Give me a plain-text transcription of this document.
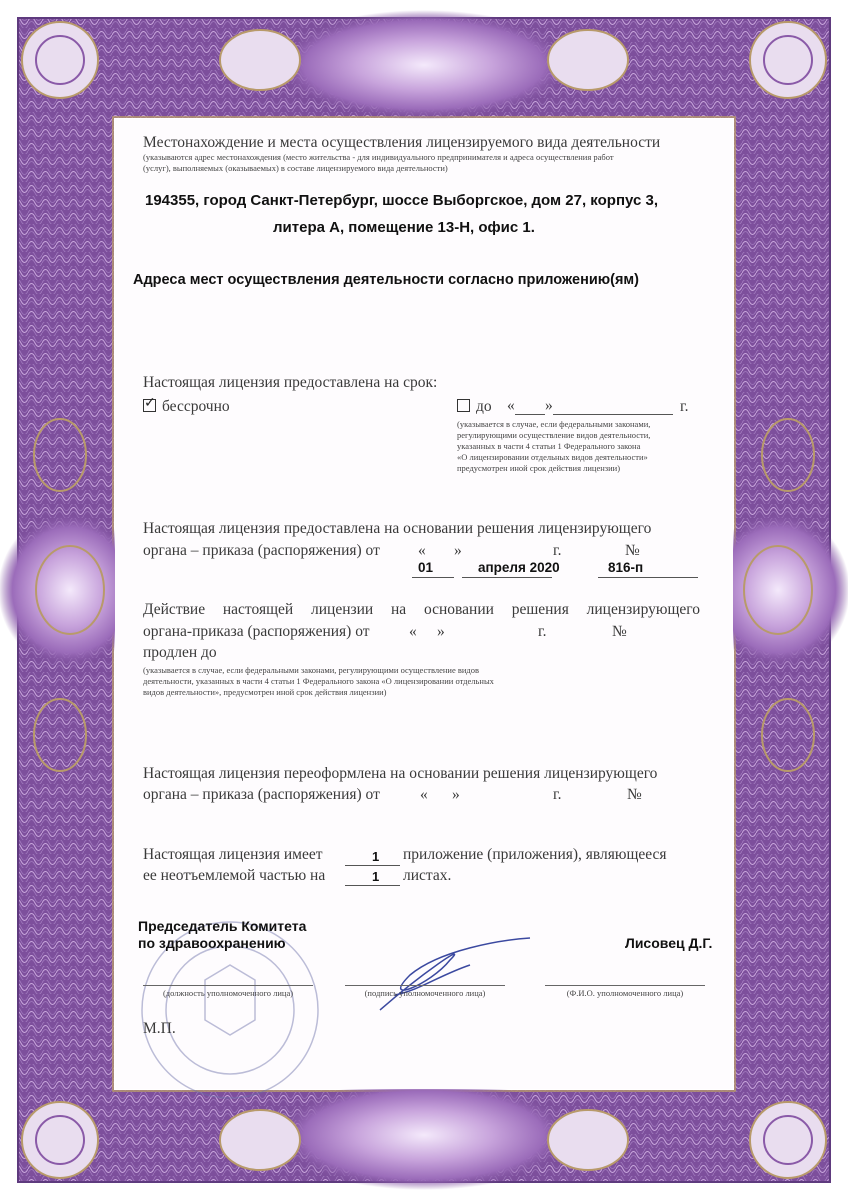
Местонахождение и места осуществления лицензируемого вида деятельности
(указываются адрес местонахождения (место жительства - для индивидуального предпринимателя и адреса осуществления работ
(услуг), выполняемых (оказываемых) в составе лицензируемого вида деятельности)
194355, город Санкт-Петербург, шоссе Выборгское, дом 27, корпус 3,
литера А, помещение 13-Н, офис 1.
Адреса мест осуществления деятельности согласно приложению(ям)
Настоящая лицензия предоставлена на срок:
✓бессрочно	до « »	г.
(указывается в случае, если федеральными законами,
регулирующими осуществление видов деятельности,
указанных в части 4 статьи 1 Федерального закона
«О лицензировании отдельных видов деятельности»
предусмотрен иной срок действия лицензии)
Настоящая лицензия предоставлена на основании решения лицензирующего
органа – приказа (распоряжения) от « »	г.	№
01	апреля 2020	816-п
Действие настоящей лицензии на основании решения лицензирующего
органа-приказа (распоряжения) от	« »	г.	№
продлен до
(указывается в случае, если федеральными законами, регулирующими осуществление видов
деятельности, указанных в части 4 статьи 1 Федерального закона «О лицензировании отдельных
видов деятельности», предусмотрен иной срок действия лицензии)
Настоящая лицензия переоформлена на основании решения лицензирующего
органа – приказа (распоряжения) от	« »	г.	№
Настоящая лицензия имеет
ее неотъемлемой частью на
1
1
приложение (приложения), являющееся
листах.
Председатель Комитета
по здравоохранению	Лисовец Д.Г.
(должность уполномоченного лица)	(подпись уполномоченного лица)	(Ф.И.О. уполномоченного лица)
М.П.
